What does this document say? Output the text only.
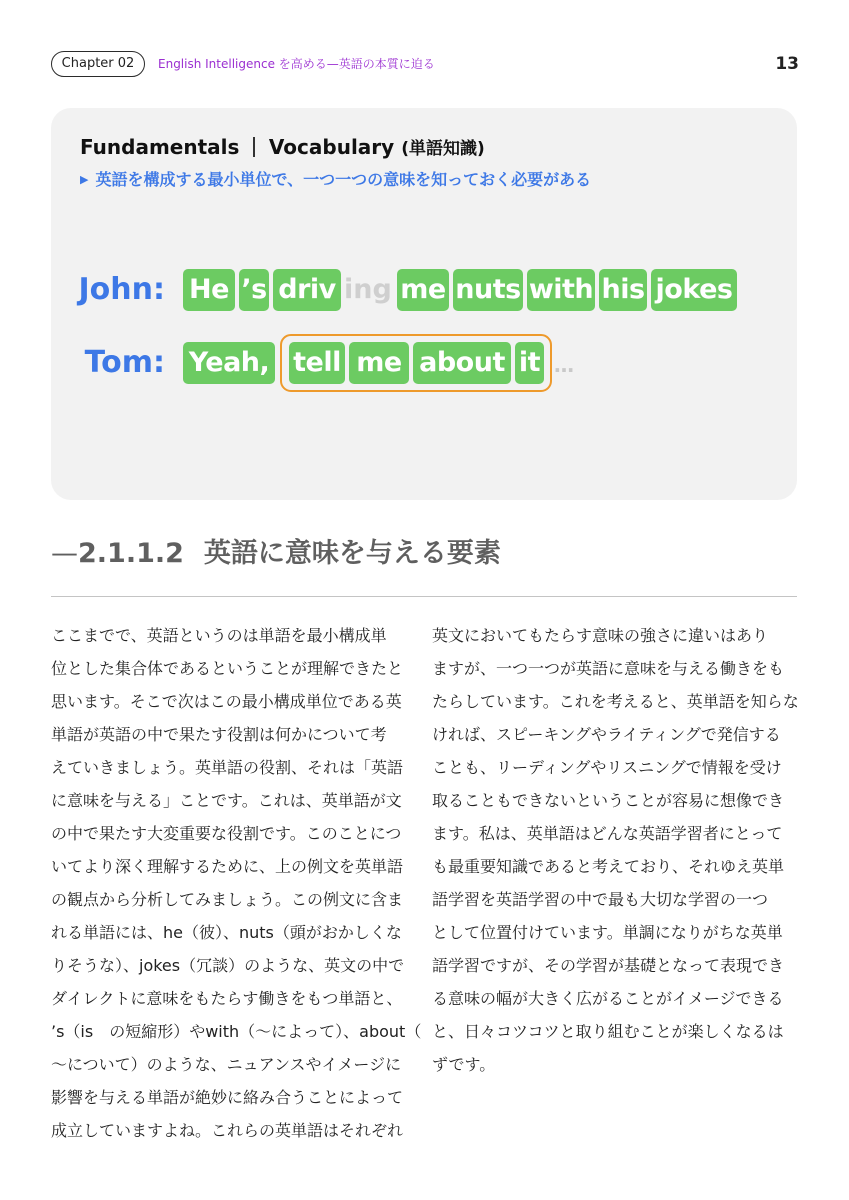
Chapter 02	English Intelligence を高める—英語の本質に迫る	13
Fundamentals Vocabulary (単語知識)
▶ 英語を構成する最小単位で、一つ一つの意味を知っておく必要がある
John: He ’s driv ing me nuts with his jokes
Tom: Yeah, tell me about it …
—2.1.1.2 英語に意味を与える要素
ここまでで、英語というのは単語を最小構成単
位とした集合体であるということが理解できたと
思います。そこで次はこの最小構成単位である英
単語が英語の中で果たす役割は何かについて考
えていきましょう。英単語の役割、それは「英語
に意味を与える」ことです。これは、英単語が文
の中で果たす大変重要な役割です。このことにつ
いてより深く理解するために、上の例文を英単語
の観点から分析してみましょう。この例文に含ま
れる単語には、he（彼）、nuts（頭がおかしくな
りそうな）、jokes（冗談）のような、英文の中で
ダイレクトに意味をもたらす働きをもつ単語と、
’s（is　の短縮形）やwith（〜によって）、about（
〜について）のような、ニュアンスやイメージに
影響を与える単語が絶妙に絡み合うことによって
成立していますよね。これらの英単語はそれぞれ
英文においてもたらす意味の強さに違いはあり
ますが、一つ一つが英語に意味を与える働きをも
たらしています。これを考えると、英単語を知らな
ければ、スピーキングやライティングで発信する
ことも、リーディングやリスニングで情報を受け
取ることもできないということが容易に想像でき
ます。私は、英単語はどんな英語学習者にとって
も最重要知識であると考えており、それゆえ英単
語学習を英語学習の中で最も大切な学習の一つ
として位置付けています。単調になりがちな英単
語学習ですが、その学習が基礎となって表現でき
る意味の幅が大きく広がることがイメージできる
と、日々コツコツと取り組むことが楽しくなるは
ずです。
